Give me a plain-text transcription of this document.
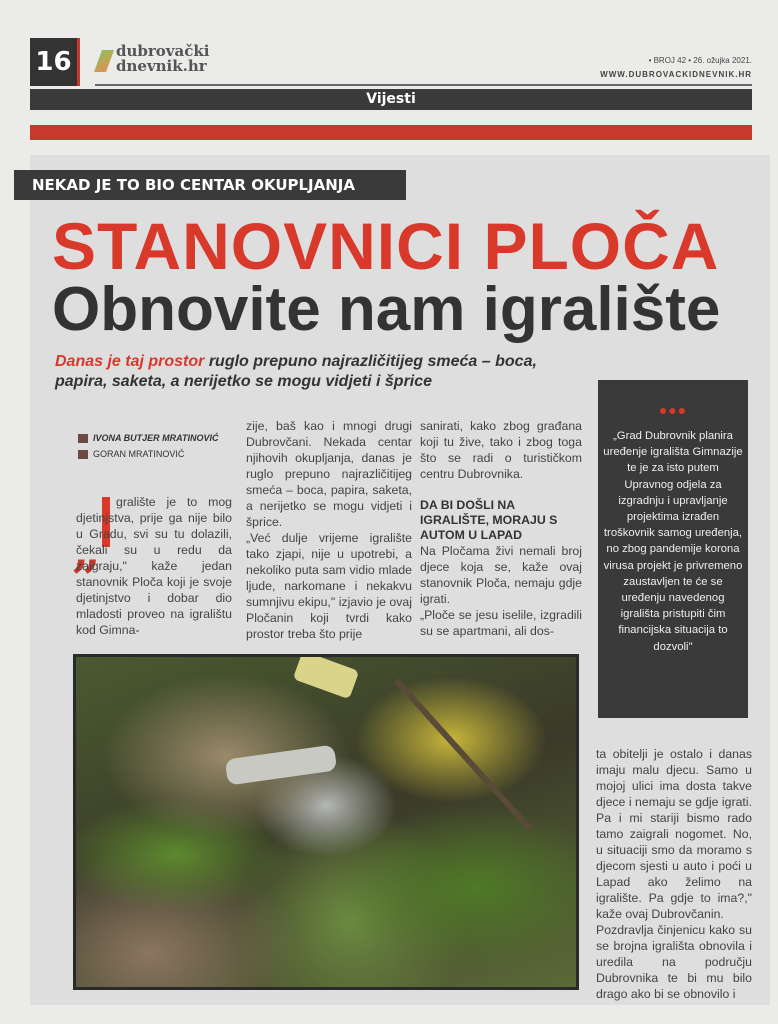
16	dubrovački
dnevnik.hr	• BROJ 42 • 26. ožujka 2021.
WWW.DUBROVACKIDNEVNIK.HR
Vijesti
NEKAD JE TO BIO CENTAR OKUPLJANJA
STANOVNICI PLOČA
Obnovite nam igralište
Danas je taj prostor ruglo prepuno najrazličitijeg smeća – boca, papira, saketa, a nerijetko se mogu vidjeti i šprice
IVONA BUTJER MRATINOVIĆ
GORAN MRATINOVIĆ
„

gralište je to mog djetinjstva, prije ga nije bilo u Gradu, svi su tu dolazili, čekali su u redu da zaigraju," kaže jedan stanovnik Ploča koji je svoje djetinjstvo i dobar dio mladosti proveo na igralištu kod Gimna-

zije, baš kao i mnogi drugi Dubrovčani. Nekada centar njihovih okupljanja, danas je ruglo prepuno najrazličitijeg smeća – boca, papira, saketa, a nerijetko se mogu vidjeti i šprice.

„Već dulje vrijeme igralište tako zjapi, nije u upotrebi, a nekoliko puta sam vidio mlade ljude, narkomane i nekakvu sumnjivu ekipu," izjavio je ovaj Pločanin koji tvrdi kako prostor treba što prije

sanirati, kako zbog građana koji tu žive, tako i zbog toga što se radi o turističkom centru Dubrovnika.

DA BI DOŠLI NA IGRALIŠTE, MORAJU S AUTOM U LAPAD

Na Pločama živi nemali broj djece koja se, kaže ovaj stanovnik Ploča, nemaju gdje igrati.

„Ploče se jesu iselile, izgradili su se apartmani, ali dos-

●●●
„Grad Dubrovnik planira uređenje igrališta Gimnazije te je za isto putem Upravnog odjela za izgradnju i upravljanje projektima izrađen troškovnik samog uređenja, no zbog pandemije korona virusa projekt je privremeno zaustavljen te će se uređenju navedenog igrališta pristupiti čim financijska situacija to dozvoli"

ta obitelji je ostalo i danas imaju malu djecu. Samo u mojoj ulici ima dosta takve djece i nemaju se gdje igrati. Pa i mi stariji bismo rado tamo zaigrali nogomet. No, u situaciji smo da moramo s djecom sjesti u auto i poći u Lapad ako želimo na igralište. Pa gdje to ima?," kaže ovaj Dubrovčanin.

Pozdravlja činjenicu kako su se brojna igrališta obnovila i uredila na području Dubrovnika te bi mu bilo drago ako bi se obnovilo i
